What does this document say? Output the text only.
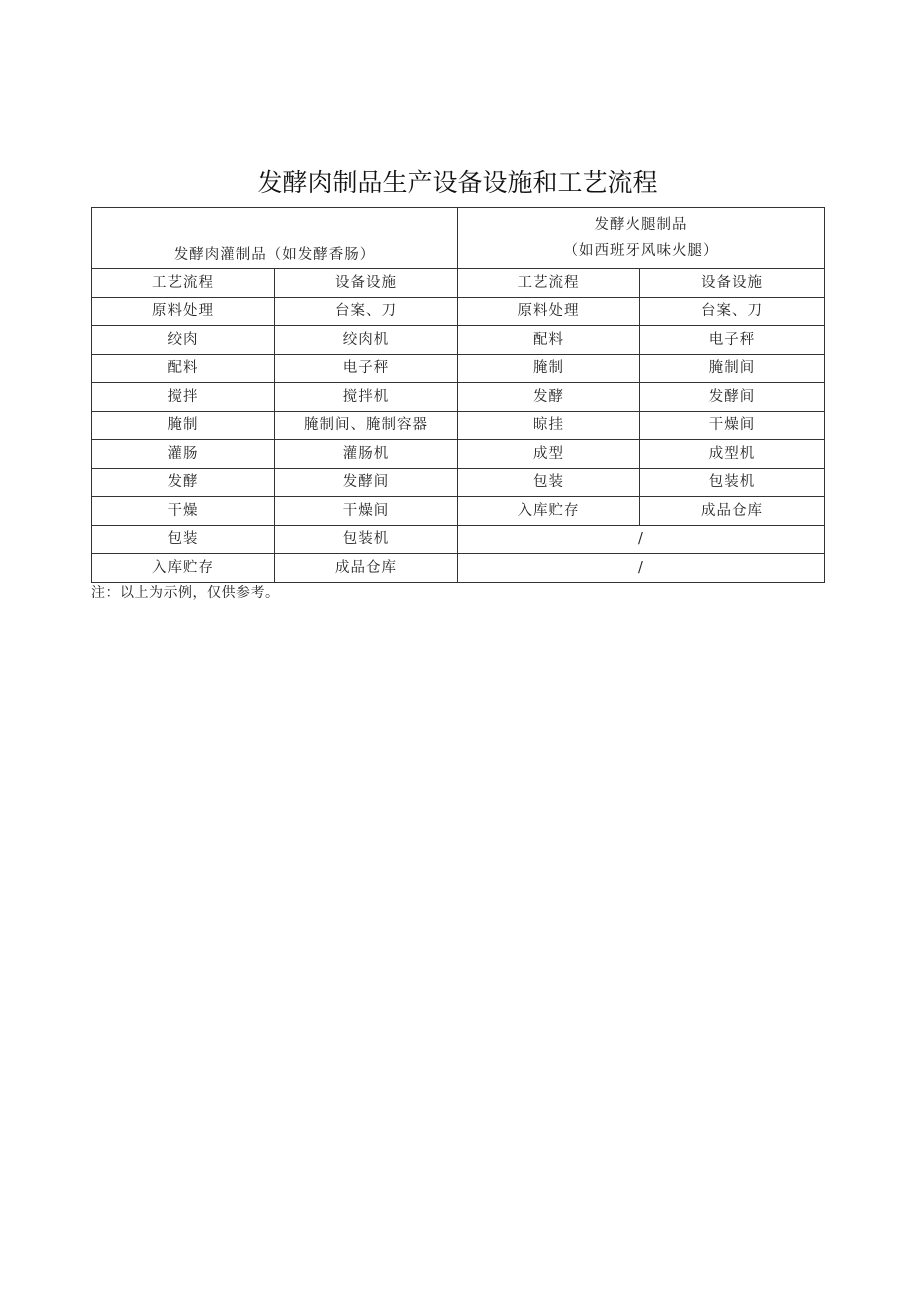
发酵肉制品生产设备设施和工艺流程
发酵肉灌制品（如发酵香肠）		发酵火腿制品
（如西班牙风味火腿）	

工艺流程	设备设施	工艺流程	设备设施
原料处理	台案、刀	原料处理	台案、刀
绞肉	绞肉机	配料	电子秤
配料	电子秤	腌制	腌制间
搅拌	搅拌机	发酵	发酵间
腌制	腌制间、腌制容器	晾挂	干燥间
灌肠	灌肠机	成型	成型机
发酵	发酵间	包装	包装机
干燥	干燥间	入库贮存	成品仓库
包装	包装机	/	
入库贮存	成品仓库	/	
注：以上为示例，仅供参考。
